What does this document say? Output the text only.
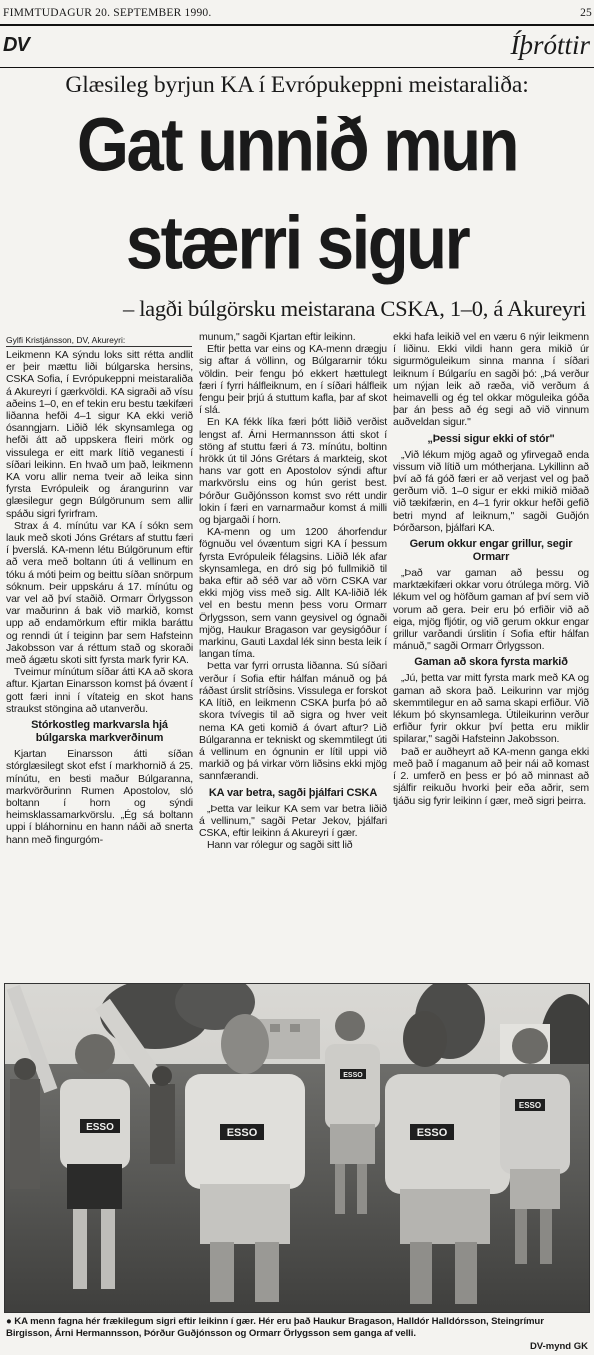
FIMMTUDAGUR 20. SEPTEMBER 1990.	25
DV	Íþróttir
Glæsileg byrjun KA í Evrópukeppni meistaraliða:
Gat unnið mun
stærri sigur
– lagði búlgörsku meistarana CSKA, 1–0, á Akureyri
Gylfi Kristjánsson, DV, Akureyri:

Leikmenn KA sýndu loks sitt rétta andlit er þeir mættu liði búlgarska hersins, CSKA Sofia, í Evrópukeppni meistaraliða á Akureyri í gærkvöldi. KA sigraði að vísu aðeins 1–0, en ef tekin eru bestu tækifæri liðanna hefði 4–1 sigur KA ekki verið ósanngjarn. Liðið lék skynsamlega og hefði átt að uppskera fleiri mörk og vissulega er eitt mark lítið veganesti í síðari leikinn. En hvað um það, leikmenn KA voru allir nema tveir að leika sinn fyrsta Evrópuleik og árangurinn var glæsilegur gegn Búlgörunum sem allir spáðu sigri fyrirfram.

Strax á 4. mínútu var KA í sókn sem lauk með skoti Jóns Grétars af stuttu færi í þverslá. KA-menn létu Búlgörunum eftir að vera með boltann úti á vellinum en tóku á móti þeim og beittu síðan snörpum sóknum. Þeir uppskáru á 17. mínútu og var vel að því staðið. Ormarr Örlygsson var maðurinn á bak við markið, komst upp að endamörkum eftir mikla baráttu og renndi út í teiginn þar sem Hafsteinn Jakobsson var á réttum stað og skoraði með ágætu skoti sitt fyrsta mark fyrir KA.

Tveimur mínútum síðar átti KA að skora aftur. Kjartan Einarsson komst þá óvænt í gott færi inni í vítateig en skot hans straukst stöngina að utanverðu.

Stórkostleg markvarsla hjá búlgarska markverðinum

Kjartan Einarsson átti síðan stórglæsilegt skot efst í markhornið á 25. mínútu, en besti maður Búlgaranna, markvörðurinn Rumen Apostolov, sló boltann í horn og sýndi heimsklassamarkvörslu. „Ég sá boltann uppi í bláhorninu en hann náði að snerta hann með fingurgóm-

munum," sagði Kjartan eftir leikinn.

Eftir þetta var eins og KA-menn drægju sig aftar á völlinn, og Búlgararnir tóku völdin. Þeir fengu þó ekkert hættulegt færi í fyrri hálfleiknum, en í síðari hálfleik fengu þeir þrjú á stuttum kafla, þar af skot í slá.

En KA fékk líka færi þótt liðið verðist lengst af. Árni Hermannsson átti skot í stöng af stuttu færi á 73. mínútu, boltinn hrökk út til Jóns Grétars á markteig, skot hans var gott en Apostolov sýndi aftur markvörslu eins og hún gerist best. Þórður Guðjónsson komst svo rétt undir lokin í færi en varnarmaður komst á milli og bjargaði í horn.

KA-menn og um 1200 áhorfendur fögnuðu vel óvæntum sigri KA í þessum fyrsta Evrópuleik félagsins. Liðið lék afar skynsamlega, en dró sig þó fullmikið til baka eftir að séð var að vörn CSKA var ekki mjög viss með sig. Allt KA-liðið lék vel en bestu menn þess voru Ormarr Örlygsson, sem vann geysivel og ógnaði mjög, Haukur Bragason var geysigóður í markinu, Gauti Laxdal lék sinn besta leik í langan tíma.

Þetta var fyrri orrusta liðanna. Sú síðari verður í Sofia eftir hálfan mánuð og þá ráðast úrslit stríðsins. Vissulega er forskot KA lítið, en leikmenn CSKA þurfa þó að skora tvívegis til að sigra og hver veit nema KA geti komið á óvart aftur? Lið Búlgaranna er tekniskt og skemmtilegt úti á vellinum en ógnunin er lítil uppi við markið og þá virkar vörn liðsins ekki mjög sannfærandi.

KA var betra, sagði þjálfari CSKA

„Þetta var leikur KA sem var betra liðið á vellinum," sagði Petar Jekov, þjálfari CSKA, eftir leikinn á Akureyri í gær.

Hann var rólegur og sagði sitt lið

ekki hafa leikið vel en væru 6 nýir leikmenn í liðinu. Ekki vildi hann gera mikið úr sigurmöguleikum sinna manna í síðari leiknum í Búlgaríu en sagði þó: „Þá verður um nýjan leik að ræða, við verðum á heimavelli og ég tel okkar möguleika góða þar án þess að ég segi að við vinnum auðveldan sigur."

„Þessi sigur ekki of stór"

„Við lékum mjög agað og yfirvegað enda vissum við lítið um mótherjana. Lykillinn að því að fá góð færi er að verjast vel og það gerðum við. 1–0 sigur er ekki mikið miðað við tækifærin, en 4–1 fyrir okkur hefði gefið betri mynd af leiknum," sagði Guðjón Þórðarson, þjálfari KA.

Gerum okkur engar grillur, segir Ormarr

„Það var gaman að þessu og marktækifæri okkar voru ótrúlega mörg. Við lékum vel og höfðum gaman af því sem við vorum að gera. Þeir eru þó erfiðir við að eiga, mjög fljótir, og við gerum okkur engar grillur varðandi úrslitin í Sofia eftir hálfan mánuð," sagði Ormarr Örlygsson.

Gaman að skora fyrsta markið

„Jú, þetta var mitt fyrsta mark með KA og gaman að skora það. Leikurinn var mjög skemmtilegur en að sama skapi erfiður. Við lékum þó skynsamlega. Útileikurinn verður erfiður fyrir okkur því þetta eru miklir spilarar," sagði Hafsteinn Jakobsson.

Það er auðheyrt að KA-menn ganga ekki með það í maganum að þeir nái að komast í 2. umferð en þess er þó að minnast að sjálfir reikuðu hvorki þeir eða aðrir, sem tjáðu sig fyrir leikinn í gær, með sigri þeirra.

ESSO	ESSO
ESSO
ESSO
ESSO
● KA menn fagna hér frækilegum sigri eftir leikinn í gær. Hér eru það Haukur Bragason, Halldór Halldórsson, Steingrímur Birgisson, Árni Hermannsson, Þórður Guðjónsson og Ormarr Örlygsson sem ganga af velli.
DV-mynd GK
